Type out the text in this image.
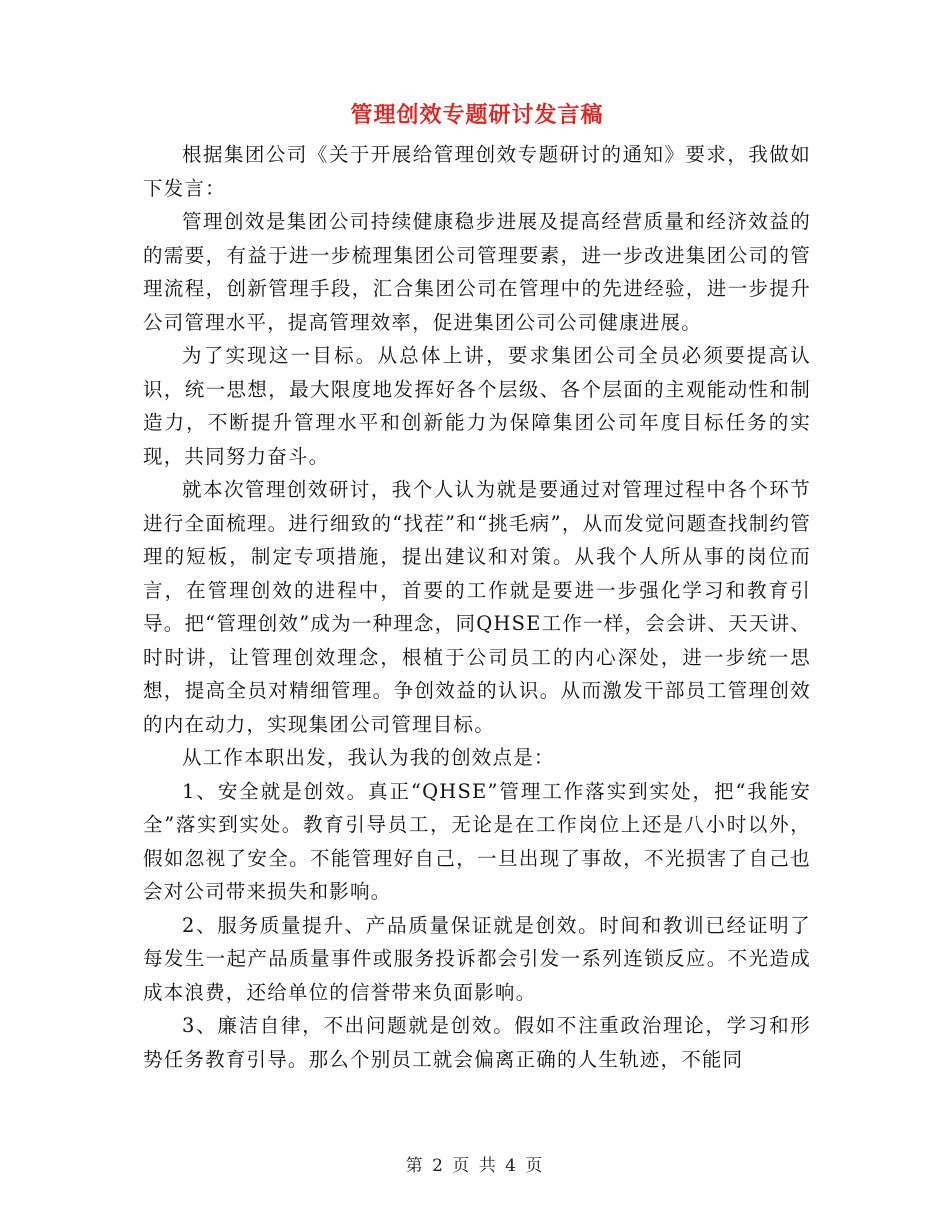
管理创效专题研讨发言稿

根据集团公司《关于开展给管理创效专题研讨的通知》要求，我做如下发言：

管理创效是集团公司持续健康稳步进展及提高经营质量和经济效益的的需要，有益于进一步梳理集团公司管理要素，进一步改进集团公司的管理流程，创新管理手段，汇合集团公司在管理中的先进经验，进一步提升公司管理水平，提高管理效率，促进集团公司公司健康进展。

为了实现这一目标。从总体上讲，要求集团公司全员必须要提高认识，统一思想，最大限度地发挥好各个层级、各个层面的主观能动性和制造力，不断提升管理水平和创新能力为保障集团公司年度目标任务的实现，共同努力奋斗。

就本次管理创效研讨，我个人认为就是要通过对管理过程中各个环节进行全面梳理。进行细致的“找茬”和“挑毛病”，从而发觉问题查找制约管理的短板，制定专项措施，提出建议和对策。从我个人所从事的岗位而言，在管理创效的进程中，首要的工作就是要进一步强化学习和教育引导。把“管理创效”成为一种理念，同QHSE工作一样，会会讲、天天讲、时时讲，让管理创效理念，根植于公司员工的内心深处，进一步统一思想，提高全员对精细管理。争创效益的认识。从而激发干部员工管理创效的内在动力，实现集团公司管理目标。

从工作本职出发，我认为我的创效点是：

1、安全就是创效。真正“QHSE”管理工作落实到实处，把“我能安全”落实到实处。教育引导员工，无论是在工作岗位上还是八小时以外，假如忽视了安全。不能管理好自己，一旦出现了事故，不光损害了自己也会对公司带来损失和影响。

2、服务质量提升、产品质量保证就是创效。时间和教训已经证明了每发生一起产品质量事件或服务投诉都会引发一系列连锁反应。不光造成成本浪费，还给单位的信誉带来负面影响。

3、廉洁自律，不出问题就是创效。假如不注重政治理论，学习和形势任务教育引导。那么个别员工就会偏离正确的人生轨迹，不能同

第 2 页 共 4 页
